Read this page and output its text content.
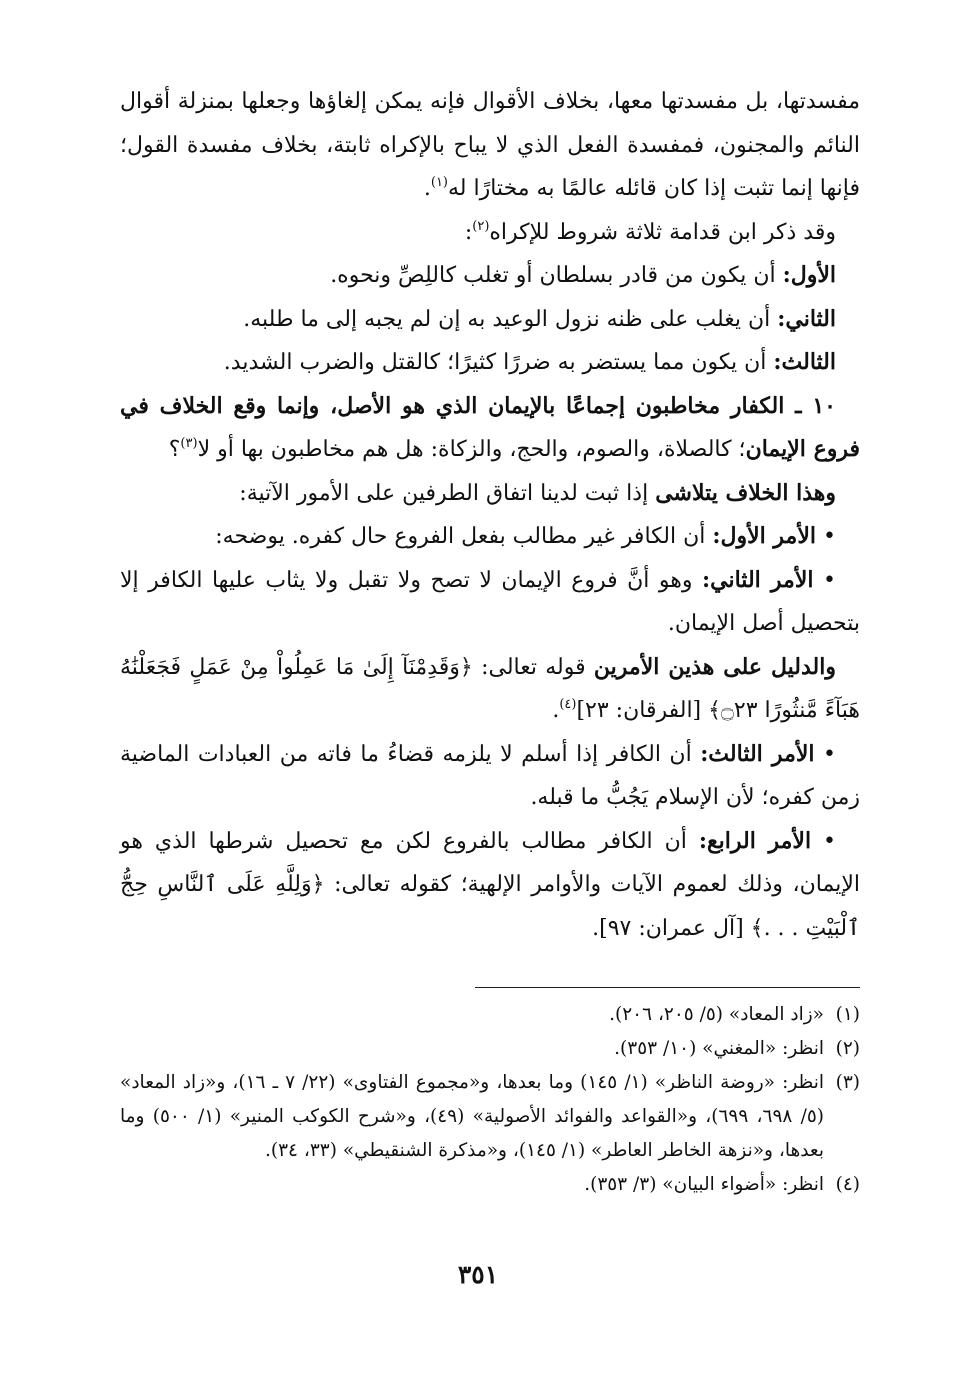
مفسدتها، بل مفسدتها معها، بخلاف الأقوال فإنه يمكن إلغاؤها وجعلها بمنزلة أقوال النائم والمجنون، فمفسدة الفعل الذي لا يباح بالإكراه ثابتة، بخلاف مفسدة القول؛ فإنها إنما تثبت إذا كان قائله عالمًا به مختارًا له$^{(١)}$.

وقد ذكر ابن قدامة ثلاثة شروط للإكراه$^{(٢)}$:

الأول: أن يكون من قادر بسلطان أو تغلب كاللِصِّ ونحوه.

الثاني: أن يغلب على ظنه نزول الوعيد به إن لم يجبه إلى ما طلبه.

الثالث: أن يكون مما يستضر به ضررًا كثيرًا؛ كالقتل والضرب الشديد.

١٠ ـ الكفار مخاطبون إجماعًا بالإيمان الذي هو الأصل، وإنما وقع الخلاف في فروع الإيمان؛ كالصلاة، والصوم، والحج، والزكاة: هل هم مخاطبون بها أو لا$^{(٣)}$؟

وهذا الخلاف يتلاشى إذا ثبت لدينا اتفاق الطرفين على الأمور الآتية:

• الأمر الأول: أن الكافر غير مطالب بفعل الفروع حال كفره. يوضحه:

• الأمر الثاني: وهو أنَّ فروع الإيمان لا تصح ولا تقبل ولا يثاب عليها الكافر إلا بتحصيل أصل الإيمان.

والدليل على هذين الأمرين قوله تعالى: ﴿وَقَدِمْنَآ إِلَىٰ مَا عَمِلُواْ مِنْ عَمَلٍ فَجَعَلْنَٰهُ هَبَآءً مَّنثُورًا ۝٢٣﴾ [الفرقان: ٢٣]$^{(٤)}$.

• الأمر الثالث: أن الكافر إذا أسلم لا يلزمه قضاءُ ما فاته من العبادات الماضية زمن كفره؛ لأن الإسلام يَجُبُّ ما قبله.

• الأمر الرابع: أن الكافر مطالب بالفروع لكن مع تحصيل شرطها الذي هو الإيمان، وذلك لعموم الآيات والأوامر الإلهية؛ كقوله تعالى: ﴿وَلِلَّهِ عَلَى ٱلنَّاسِ حِجُّ ٱلْبَيْتِ . . .﴾ [آل عمران: ٩٧].

(١)
«زاد المعاد» (٥/ ٢٠٥، ٢٠٦).
(٢)
انظر: «المغني» (١٠/ ٣٥٣).
(٣)
انظر: «روضة الناظر» (١/ ١٤٥) وما بعدها، و«مجموع الفتاوى» (٢٢/ ٧ ـ ١٦)، و«زاد المعاد» (٥/ ٦٩٨، ٦٩٩)، و«القواعد والفوائد الأصولية» (٤٩)، و«شرح الكوكب المنير» (١/ ٥٠٠) وما بعدها، و«نزهة الخاطر العاطر» (١/ ١٤٥)، و«مذكرة الشنقيطي» (٣٣، ٣٤).
(٤)
انظر: «أضواء البيان» (٣/ ٣٥٣).
٣٥١
